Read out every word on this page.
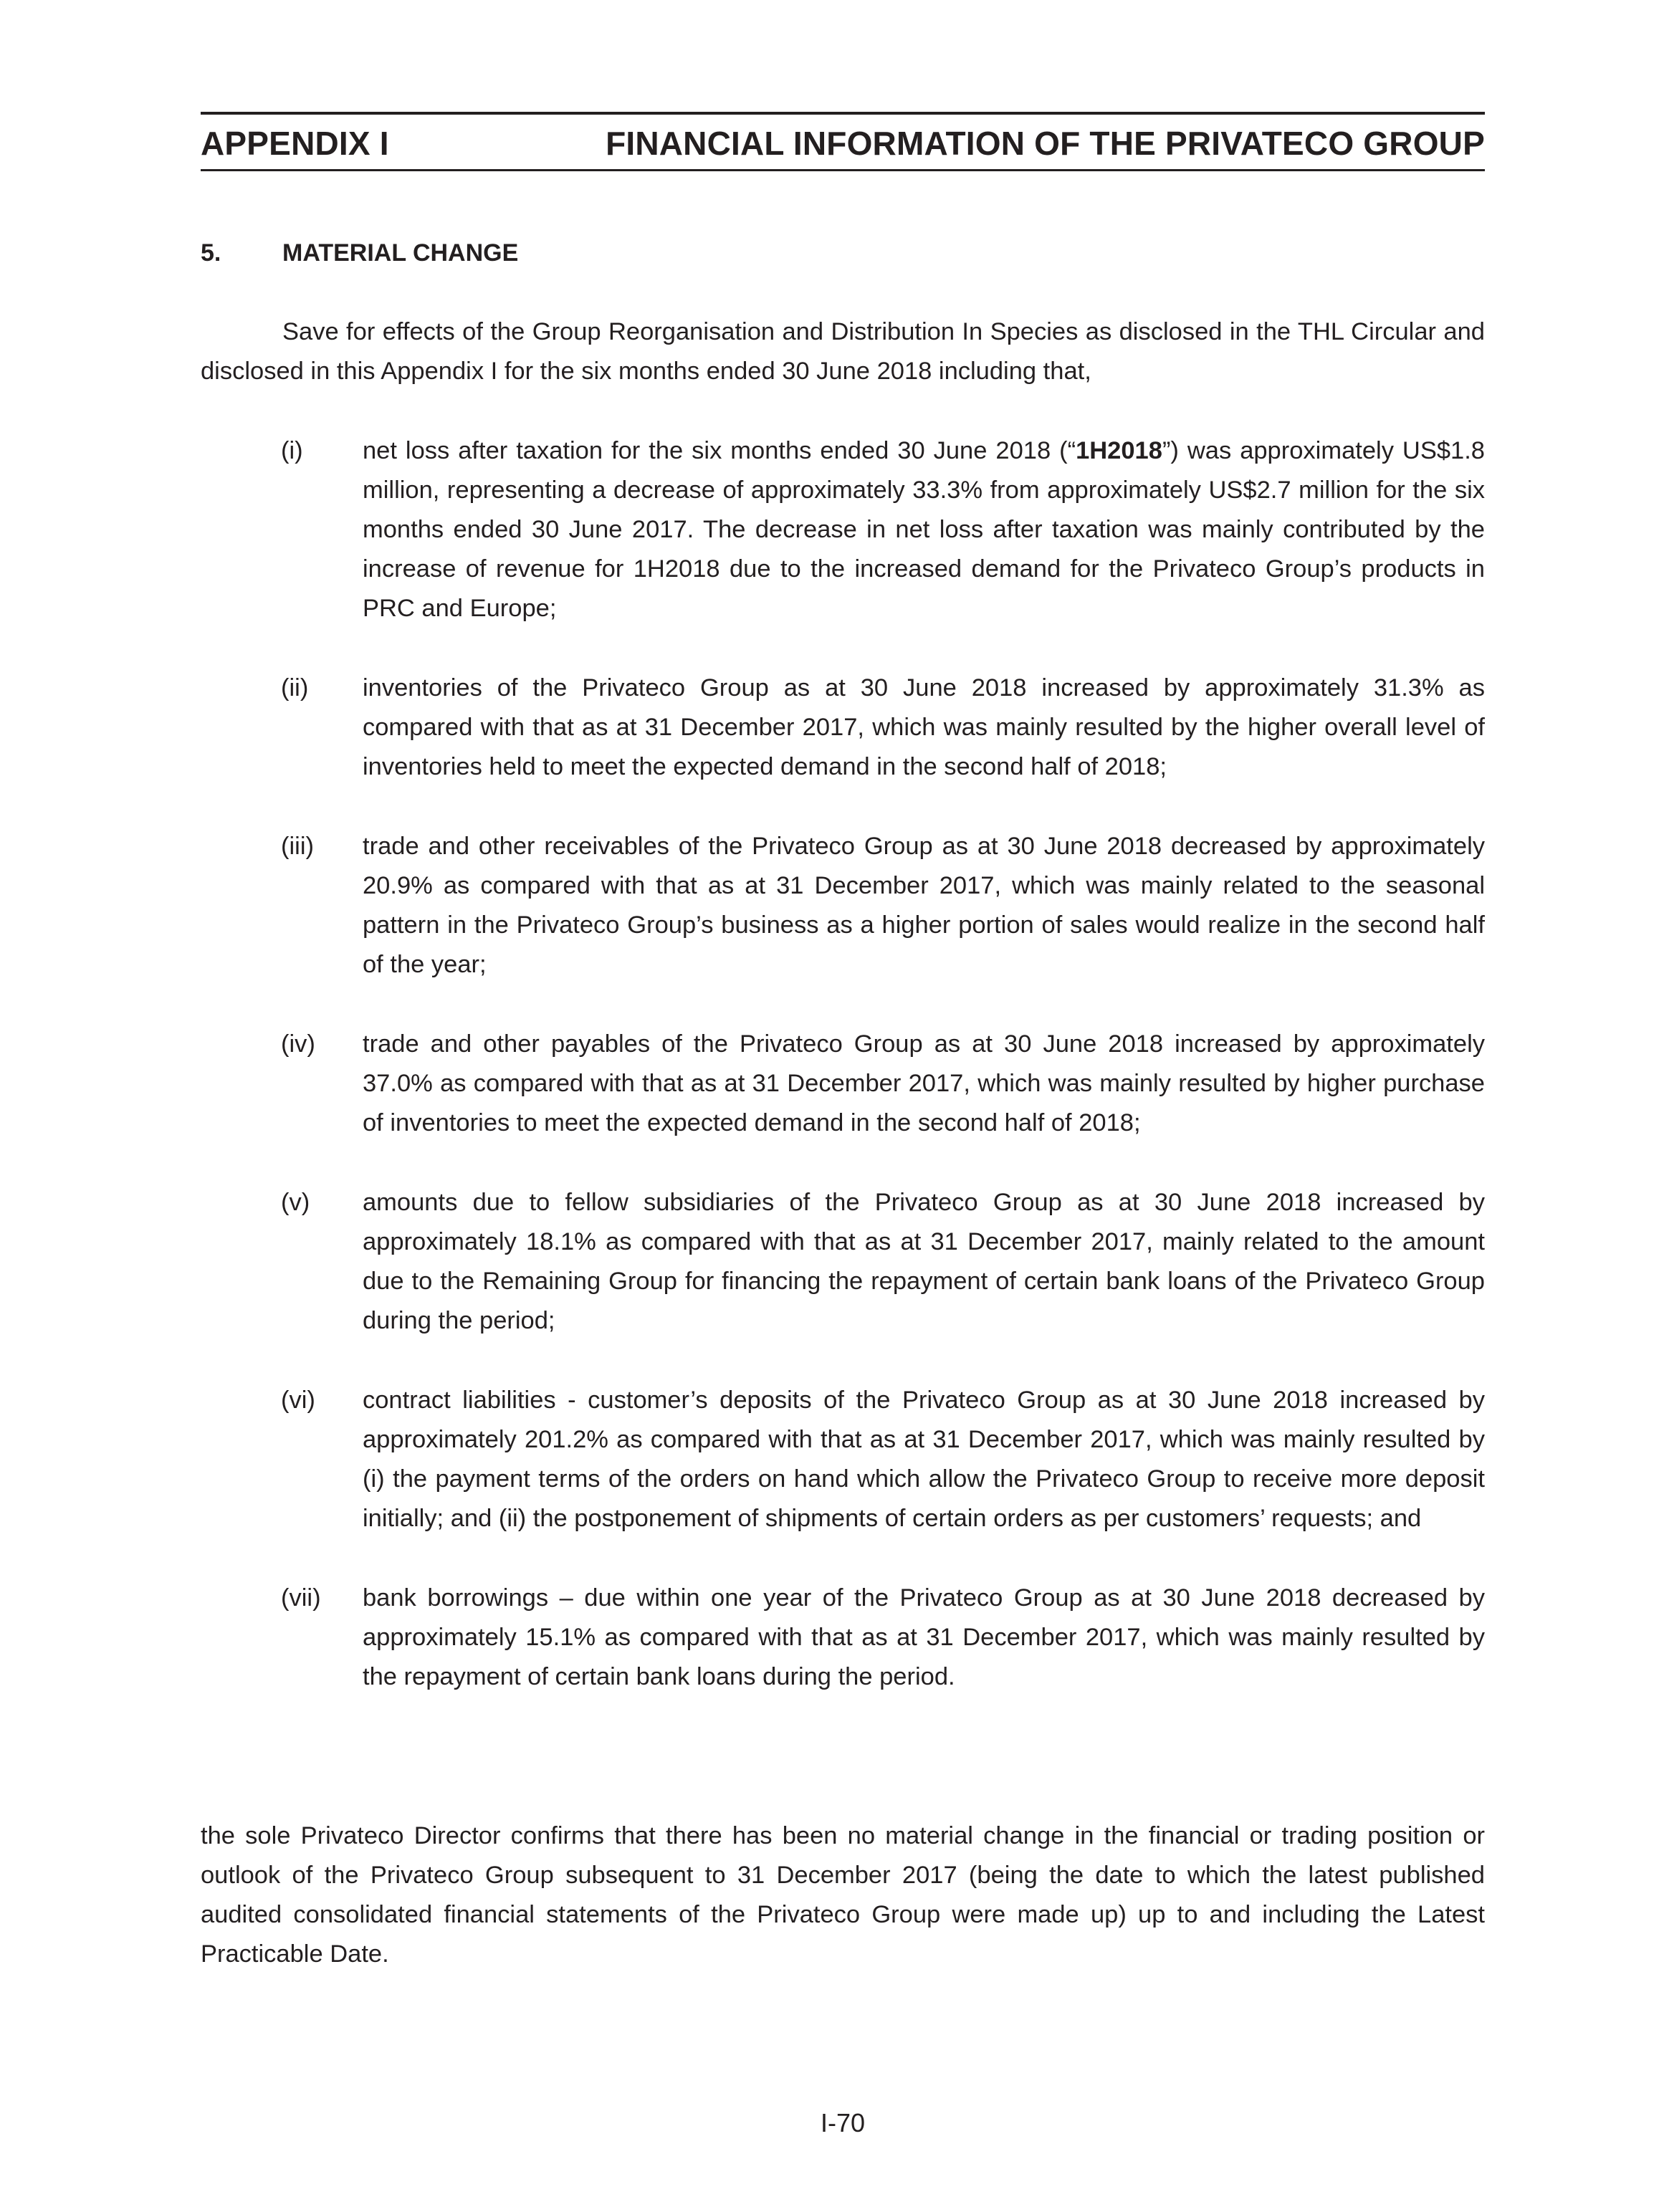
APPENDIX I	FINANCIAL INFORMATION OF THE PRIVATECO GROUP
5.	MATERIAL CHANGE

Save for effects of the Group Reorganisation and Distribution In Species as disclosed in the THL Circular and disclosed in this Appendix I for the six months ended 30 June 2018 including that,

(i) net loss after taxation for the six months ended 30 June 2018 (“1H2018”) was approximately US$1.8 million, representing a decrease of approximately 33.3% from approximately US$2.7 million for the six months ended 30 June 2017. The decrease in net loss after taxation was mainly contributed by the increase of revenue for 1H2018 due to the increased demand for the Privateco Group’s products in PRC and Europe;

(ii) inventories of the Privateco Group as at 30 June 2018 increased by approximately 31.3% as compared with that as at 31 December 2017, which was mainly resulted by the higher overall level of inventories held to meet the expected demand in the second half of 2018;

(iii) trade and other receivables of the Privateco Group as at 30 June 2018 decreased by approximately 20.9% as compared with that as at 31 December 2017, which was mainly related to the seasonal pattern in the Privateco Group’s business as a higher portion of sales would realize in the second half of the year;

(iv) trade and other payables of the Privateco Group as at 30 June 2018 increased by approximately 37.0% as compared with that as at 31 December 2017, which was mainly resulted by higher purchase of inventories to meet the expected demand in the second half of 2018;

(v) amounts due to fellow subsidiaries of the Privateco Group as at 30 June 2018 increased by approximately 18.1% as compared with that as at 31 December 2017, mainly related to the amount due to the Remaining Group for financing the repayment of certain bank loans of the Privateco Group during the period;

(vi) contract liabilities - customer’s deposits of the Privateco Group as at 30 June 2018 increased by approximately 201.2% as compared with that as at 31 December 2017, which was mainly resulted by (i) the payment terms of the orders on hand which allow the Privateco Group to receive more deposit initially; and (ii) the postponement of shipments of certain orders as per customers’ requests; and

(vii) bank borrowings – due within one year of the Privateco Group as at 30 June 2018 decreased by approximately 15.1% as compared with that as at 31 December 2017, which was mainly resulted by the repayment of certain bank loans during the period.

the sole Privateco Director confirms that there has been no material change in the financial or trading position or outlook of the Privateco Group subsequent to 31 December 2017 (being the date to which the latest published audited consolidated financial statements of the Privateco Group were made up) up to and including the Latest Practicable Date.

I-70
